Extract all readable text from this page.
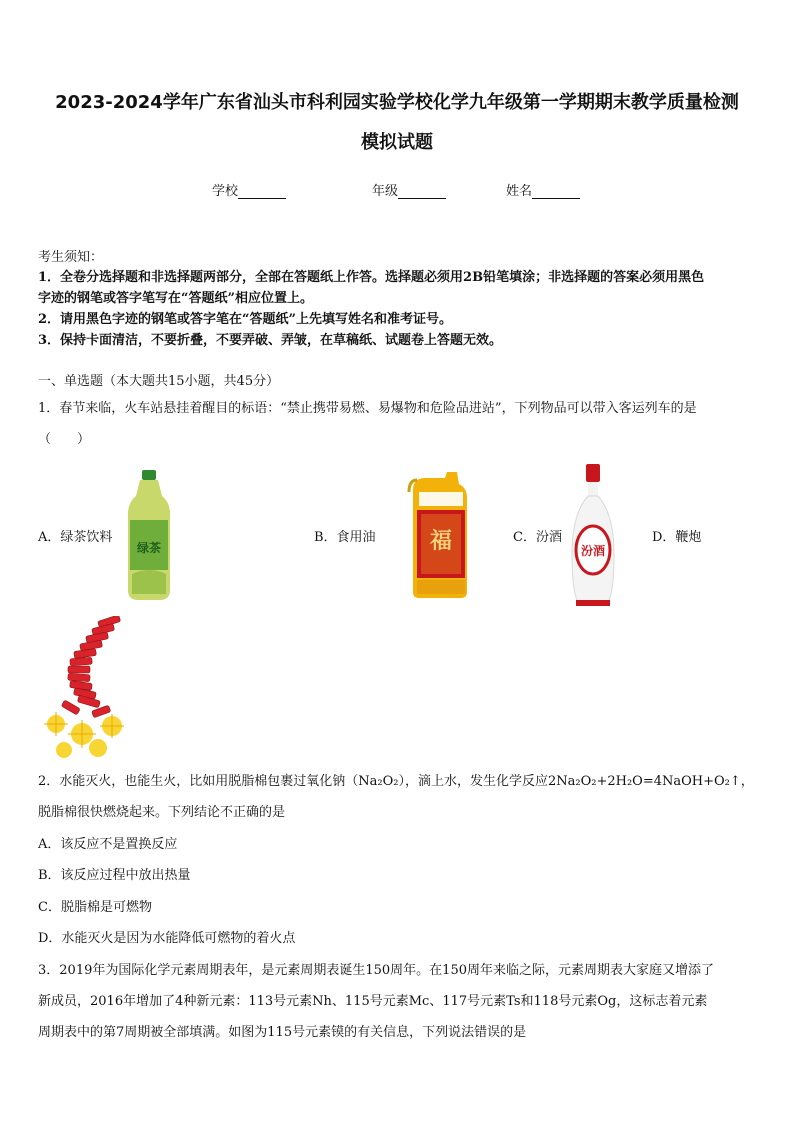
2023-2024学年广东省汕头市科利园实验学校化学九年级第一学期期末教学质量检测
模拟试题
学校	年级	姓名
考生须知：
1．全卷分选择题和非选择题两部分，全部在答题纸上作答。选择题必须用2B铅笔填涂；非选择题的答案必须用黑色
字迹的钢笔或答字笔写在“答题纸”相应位置上。
2．请用黑色字迹的钢笔或答字笔在“答题纸”上先填写姓名和准考证号。
3．保持卡面清洁，不要折叠，不要弄破、弄皱，在草稿纸、试题卷上答题无效。
一、单选题（本大题共15小题，共45分）
1．春节来临，火车站悬挂着醒目的标语：“禁止携带易燃、易爆物和危险品进站”，下列物品可以带入客运列车的是
（　　）
A．绿茶饮料	B．食用油	C．汾酒	D．鞭炮
绿茶	福	汾酒
2．水能灭火，也能生火，比如用脱脂棉包裹过氧化钠（Na₂O₂），滴上水，发生化学反应2Na₂O₂+2H₂O=4NaOH+O₂↑，
脱脂棉很快燃烧起来。下列结论不正确的是
A．该反应不是置换反应
B．该反应过程中放出热量
C．脱脂棉是可燃物
D．水能灭火是因为水能降低可燃物的着火点
3．2019年为国际化学元素周期表年，是元素周期表诞生150周年。在150周年来临之际，元素周期表大家庭又增添了
新成员，2016年增加了4种新元素：113号元素Nh、115号元素Mc、117号元素Ts和118号元素Og，这标志着元素
周期表中的第7周期被全部填满。如图为115号元素镆的有关信息，下列说法错误的是
